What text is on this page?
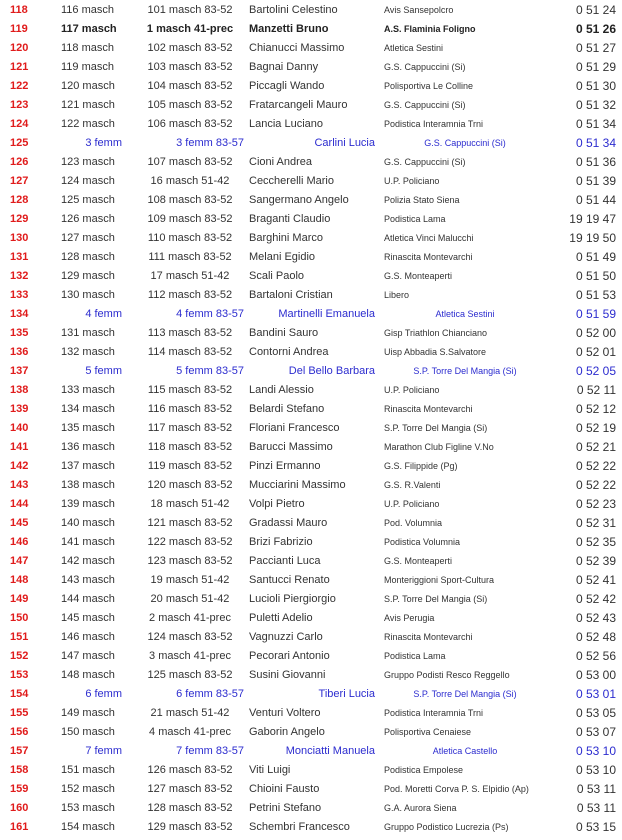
118	116 masch	101 masch 83-52	Bartolini Celestino	Avis Sansepolcro	0 51 24
119	117 masch	1 masch 41-prec	Manzetti Bruno	A.S. Flaminia Foligno	0 51 26
120	118 masch	102 masch 83-52	Chianucci Massimo	Atletica Sestini	0 51 27
121	119 masch	103 masch 83-52	Bagnai Danny	G.S. Cappuccini (Si)	0 51 29
122	120 masch	104 masch 83-52	Piccagli Wando	Polisportiva Le Colline	0 51 30
123	121 masch	105 masch 83-52	Fratarcangeli Mauro	G.S. Cappuccini (Si)	0 51 32
124	122 masch	106 masch 83-52	Lancia Luciano	Podistica Interamnia Trni	0 51 34
125	3 femm	3 femm 83-57	Carlini Lucia	G.S. Cappuccini (Si)	0 51 34
126	123 masch	107 masch 83-52	Cioni Andrea	G.S. Cappuccini (Si)	0 51 36
127	124 masch	16 masch 51-42	Ceccherelli Mario	U.P. Policiano	0 51 39
128	125 masch	108 masch 83-52	Sangermano Angelo	Polizia Stato Siena	0 51 44
129	126 masch	109 masch 83-52	Braganti Claudio	Podistica Lama	19 19 47
130	127 masch	110 masch 83-52	Barghini Marco	Atletica Vinci Malucchi	19 19 50
131	128 masch	111 masch 83-52	Melani Egidio	Rinascita Montevarchi	0 51 49
132	129 masch	17 masch 51-42	Scali Paolo	G.S. Monteaperti	0 51 50
133	130 masch	112 masch 83-52	Bartaloni Cristian	Libero	0 51 53
134	4 femm	4 femm 83-57	Martinelli Emanuela	Atletica Sestini	0 51 59
135	131 masch	113 masch 83-52	Bandini Sauro	Gisp Triathlon Chianciano	0 52 00
136	132 masch	114 masch 83-52	Contorni Andrea	Uisp Abbadia S.Salvatore	0 52 01
137	5 femm	5 femm 83-57	Del Bello Barbara	S.P. Torre Del Mangia (Si)	0 52 05
138	133 masch	115 masch 83-52	Landi Alessio	U.P. Policiano	0 52 11
139	134 masch	116 masch 83-52	Belardi Stefano	Rinascita Montevarchi	0 52 12
140	135 masch	117 masch 83-52	Floriani Francesco	S.P. Torre Del Mangia (Si)	0 52 19
141	136 masch	118 masch 83-52	Barucci Massimo	Marathon Club Figline V.No	0 52 21
142	137 masch	119 masch 83-52	Pinzi Ermanno	G.S. Filippide (Pg)	0 52 22
143	138 masch	120 masch 83-52	Mucciarini Massimo	G.S. R.Valenti	0 52 22
144	139 masch	18 masch 51-42	Volpi Pietro	U.P. Policiano	0 52 23
145	140 masch	121 masch 83-52	Gradassi Mauro	Pod. Volumnia	0 52 31
146	141 masch	122 masch 83-52	Brizi Fabrizio	Podistica Volumnia	0 52 35
147	142 masch	123 masch 83-52	Paccianti Luca	G.S. Monteaperti	0 52 39
148	143 masch	19 masch 51-42	Santucci Renato	Monteriggioni Sport-Cultura	0 52 41
149	144 masch	20 masch 51-42	Lucioli Piergiorgio	S.P. Torre Del Mangia (Si)	0 52 42
150	145 masch	2 masch 41-prec	Puletti Adelio	Avis Perugia	0 52 43
151	146 masch	124 masch 83-52	Vagnuzzi Carlo	Rinascita Montevarchi	0 52 48
152	147 masch	3 masch 41-prec	Pecorari Antonio	Podistica Lama	0 52 56
153	148 masch	125 masch 83-52	Susini Giovanni	Gruppo Podisti Resco Reggello	0 53 00
154	6 femm	6 femm 83-57	Tiberi Lucia	S.P. Torre Del Mangia (Si)	0 53 01
155	149 masch	21 masch 51-42	Venturi Voltero	Podistica Interamnia Trni	0 53 05
156	150 masch	4 masch 41-prec	Gaborin Angelo	Polisportiva Cenaiese	0 53 07
157	7 femm	7 femm 83-57	Monciatti Manuela	Atletica Castello	0 53 10
158	151 masch	126 masch 83-52	Viti Luigi	Podistica Empolese	0 53 10
159	152 masch	127 masch 83-52	Chioini Fausto	Pod. Moretti Corva P. S. Elpidio (Ap)	0 53 11
160	153 masch	128 masch 83-52	Petrini Stefano	G.A. Aurora Siena	0 53 11
161	154 masch	129 masch 83-52	Schembri Francesco	Gruppo Podistico Lucrezia (Ps)	0 53 15
